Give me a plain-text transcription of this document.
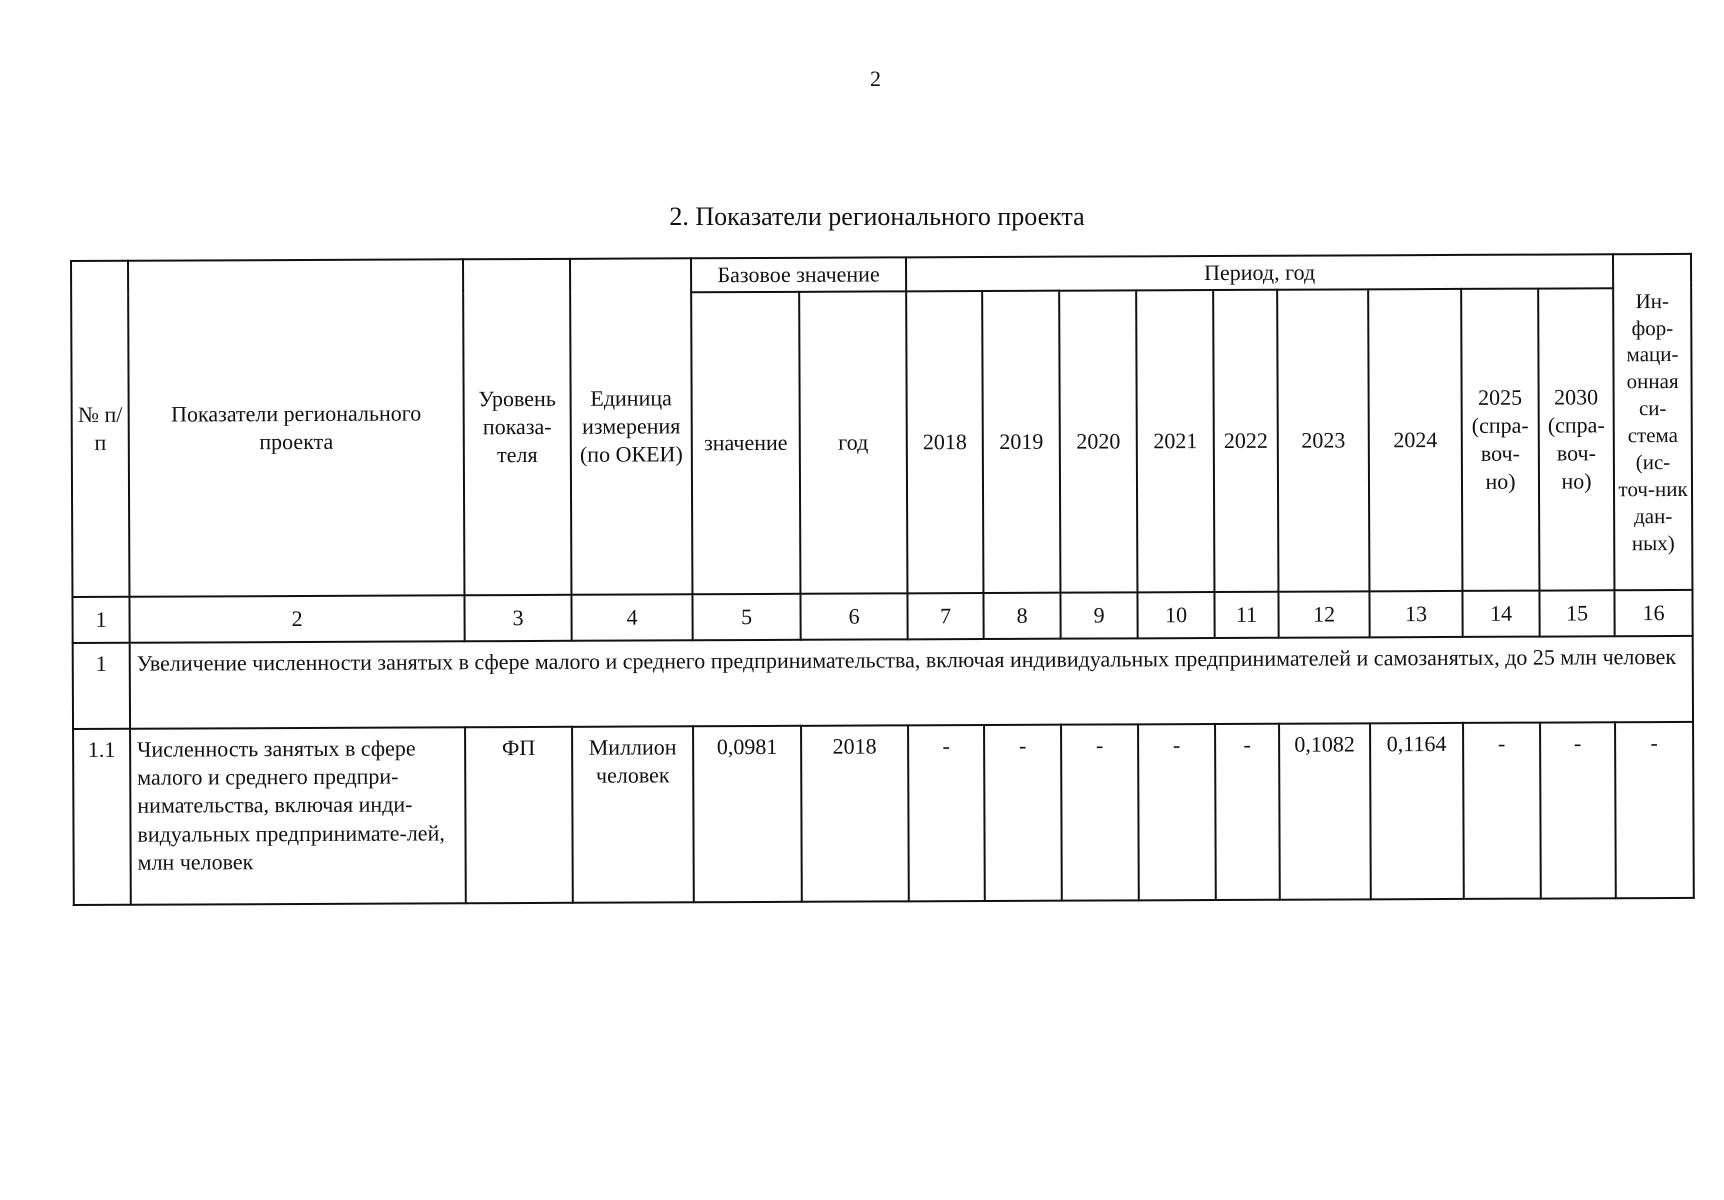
2
2. Показатели регионального проекта
№ п/п	Показатели регионального проекта	Уровень показа-теля	Единица измерения (по ОКЕИ)	Базовое значение		Период, год									Ин-фор-маци-онная си-стема (ис-точ-ник дан-ных)
				значение	год	2018	2019	2020	2021	2022	2023	2024	2025 (спра-воч-но)	2030 (спра-воч-но)	
1	2	3	4	5	6	7	8	9	10	11	12	13	14	15	16
1	Увеличение численности занятых в сфере малого и среднего предпринимательства, включая индивидуальных предпринимателей и самозанятых, до 25 млн человек														
1.1	Численность занятых в сфере малого и среднего предпри-нимательства, включая инди-видуальных предпринимате-лей, млн человек	ФП	Миллион человек	0,0981	2018	-	-	-	-	-	0,1082	0,1164	-	-	-
